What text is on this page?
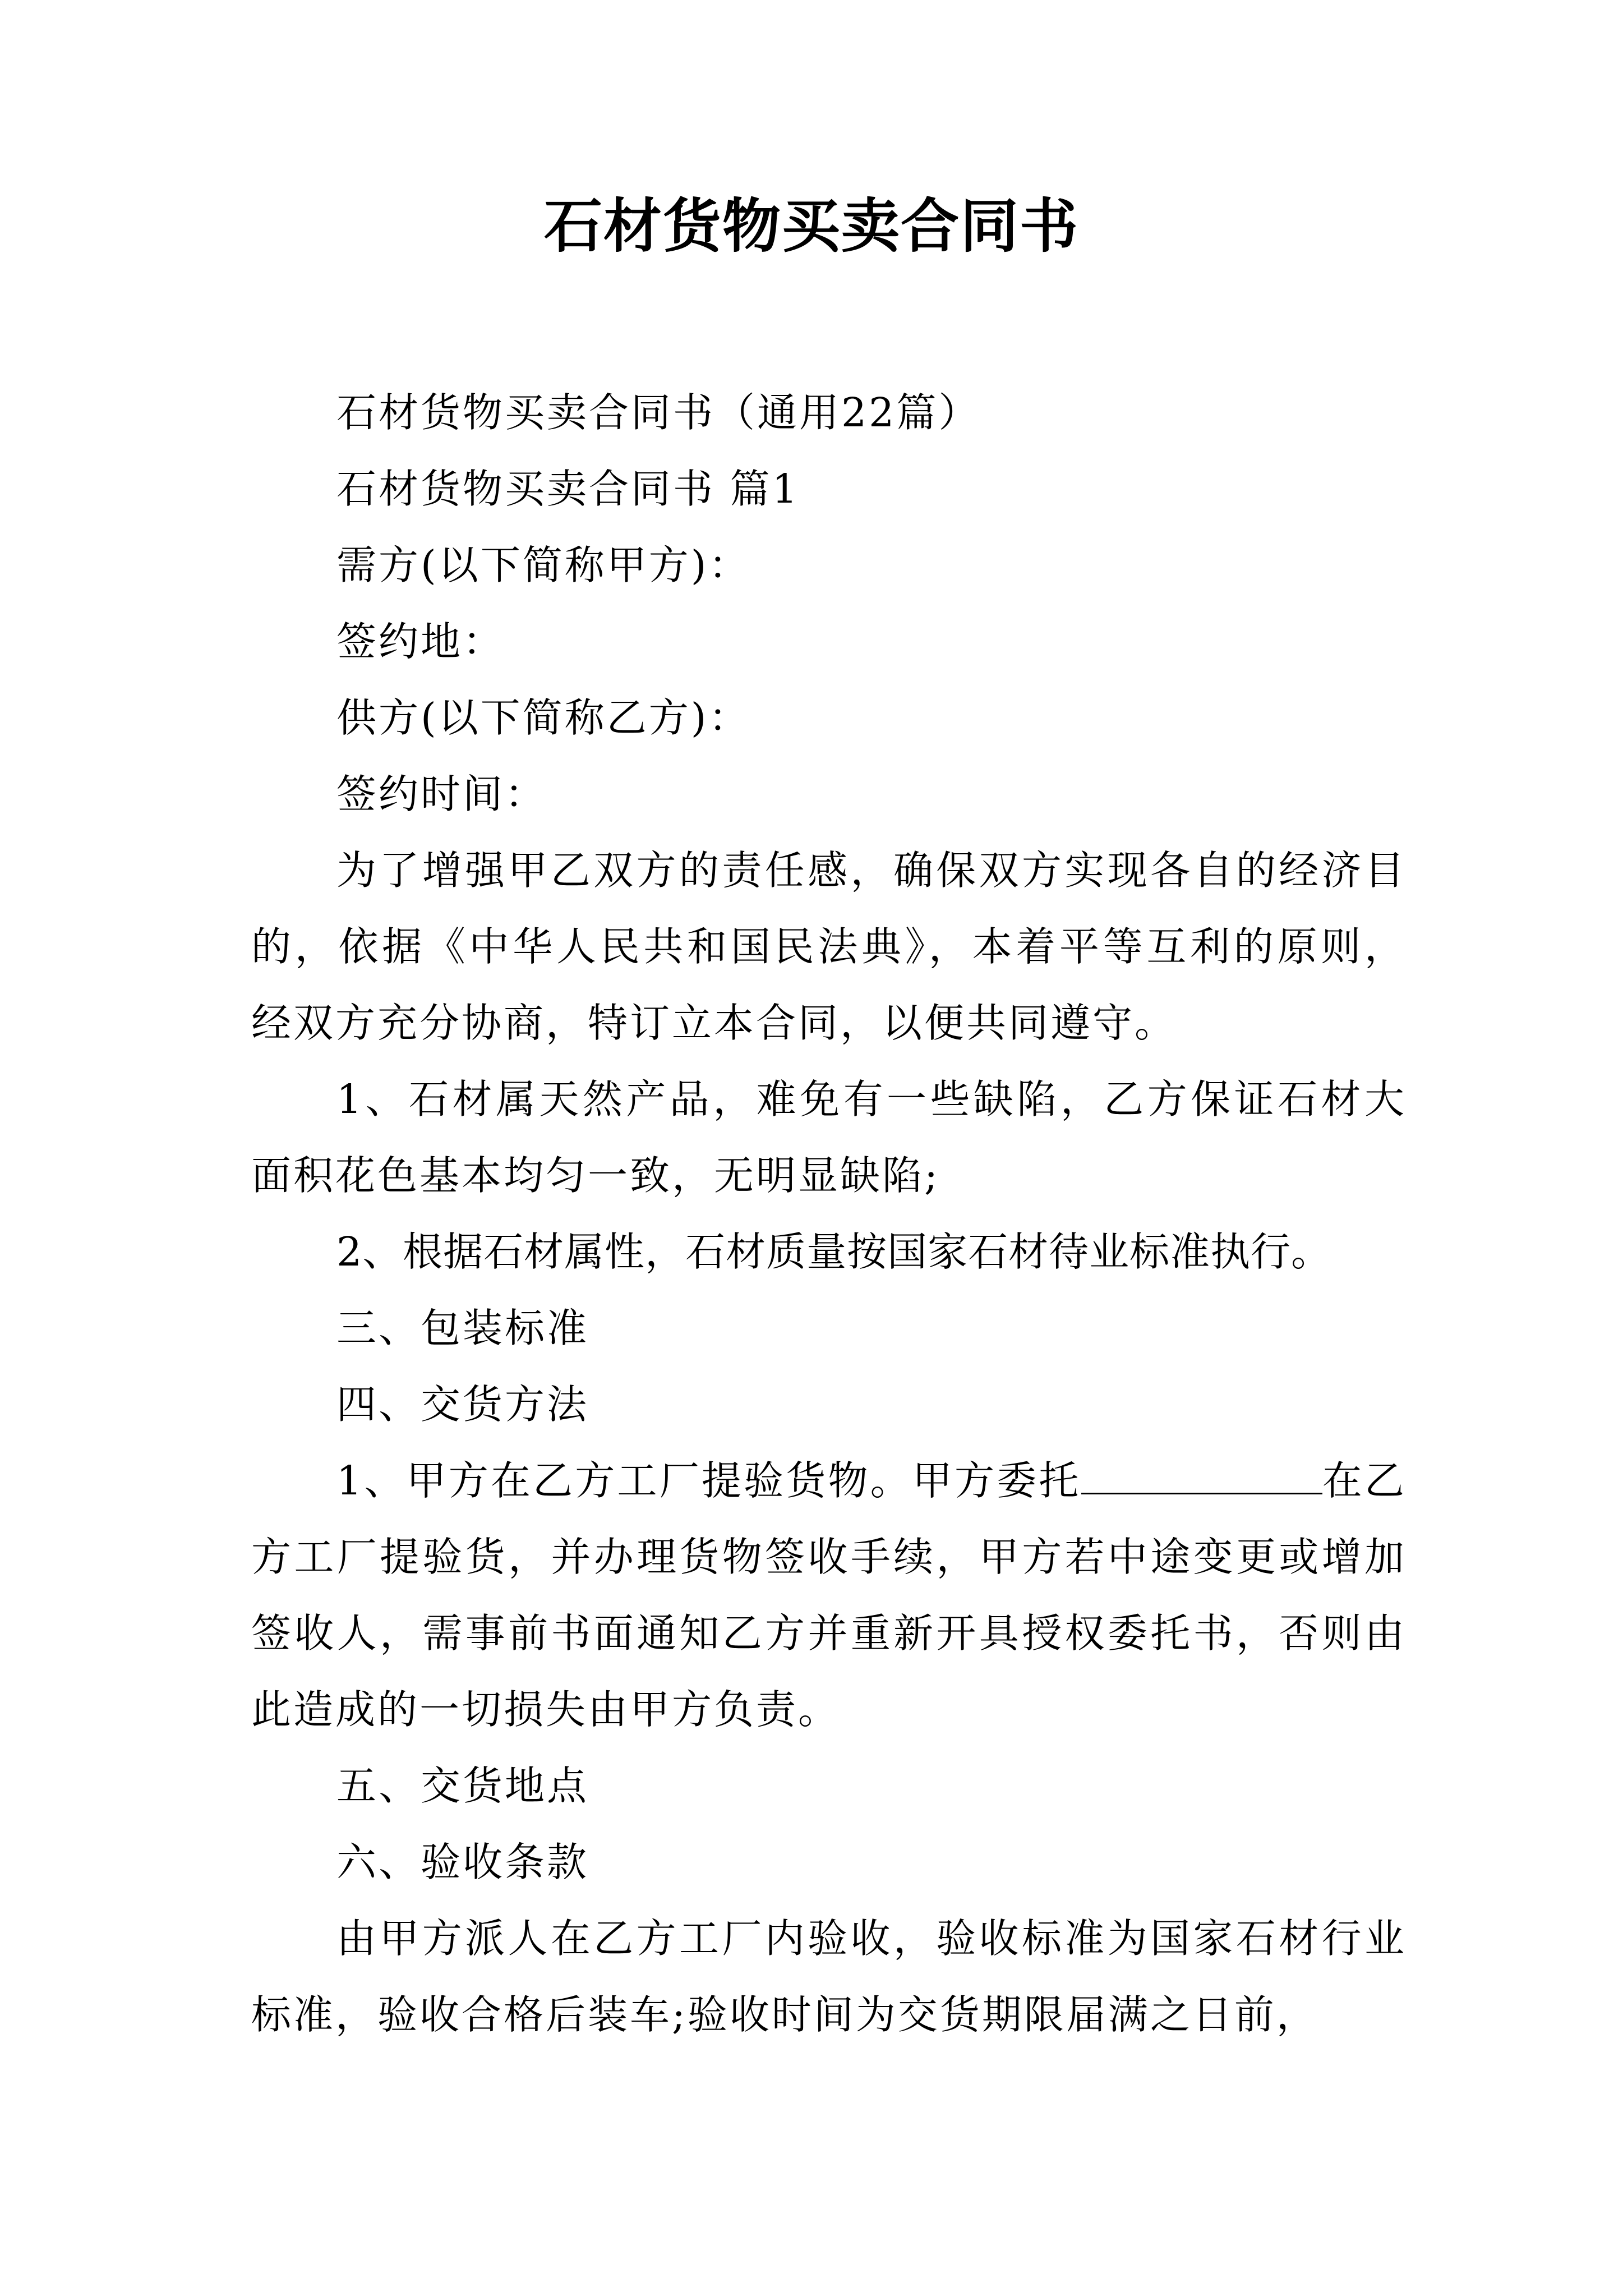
石材货物买卖合同书

石材货物买卖合同书（通用22篇）

石材货物买卖合同书 篇1

需方(以下简称甲方)：

签约地：

供方(以下简称乙方)：

签约时间：

为了增强甲乙双方的责任感，确保双方实现各自的经济目的，依据《中华人民共和国民法典》，本着平等互利的原则，经双方充分协商，特订立本合同，以便共同遵守。

1、石材属天然产品，难免有一些缺陷，乙方保证石材大面积花色基本均匀一致，无明显缺陷;

2、根据石材属性，石材质量按国家石材待业标准执行。

三、包装标准

四、交货方法

1、甲方在乙方工厂提验货物。甲方委托	在乙方工厂提验货，并办理货物签收手续，甲方若中途变更或增加签收人，需事前书面通知乙方并重新开具授权委托书，否则由此造成的一切损失由甲方负责。

五、交货地点

六、验收条款

由甲方派人在乙方工厂内验收，验收标准为国家石材行业标准，验收合格后装车;验收时间为交货期限届满之日前，
